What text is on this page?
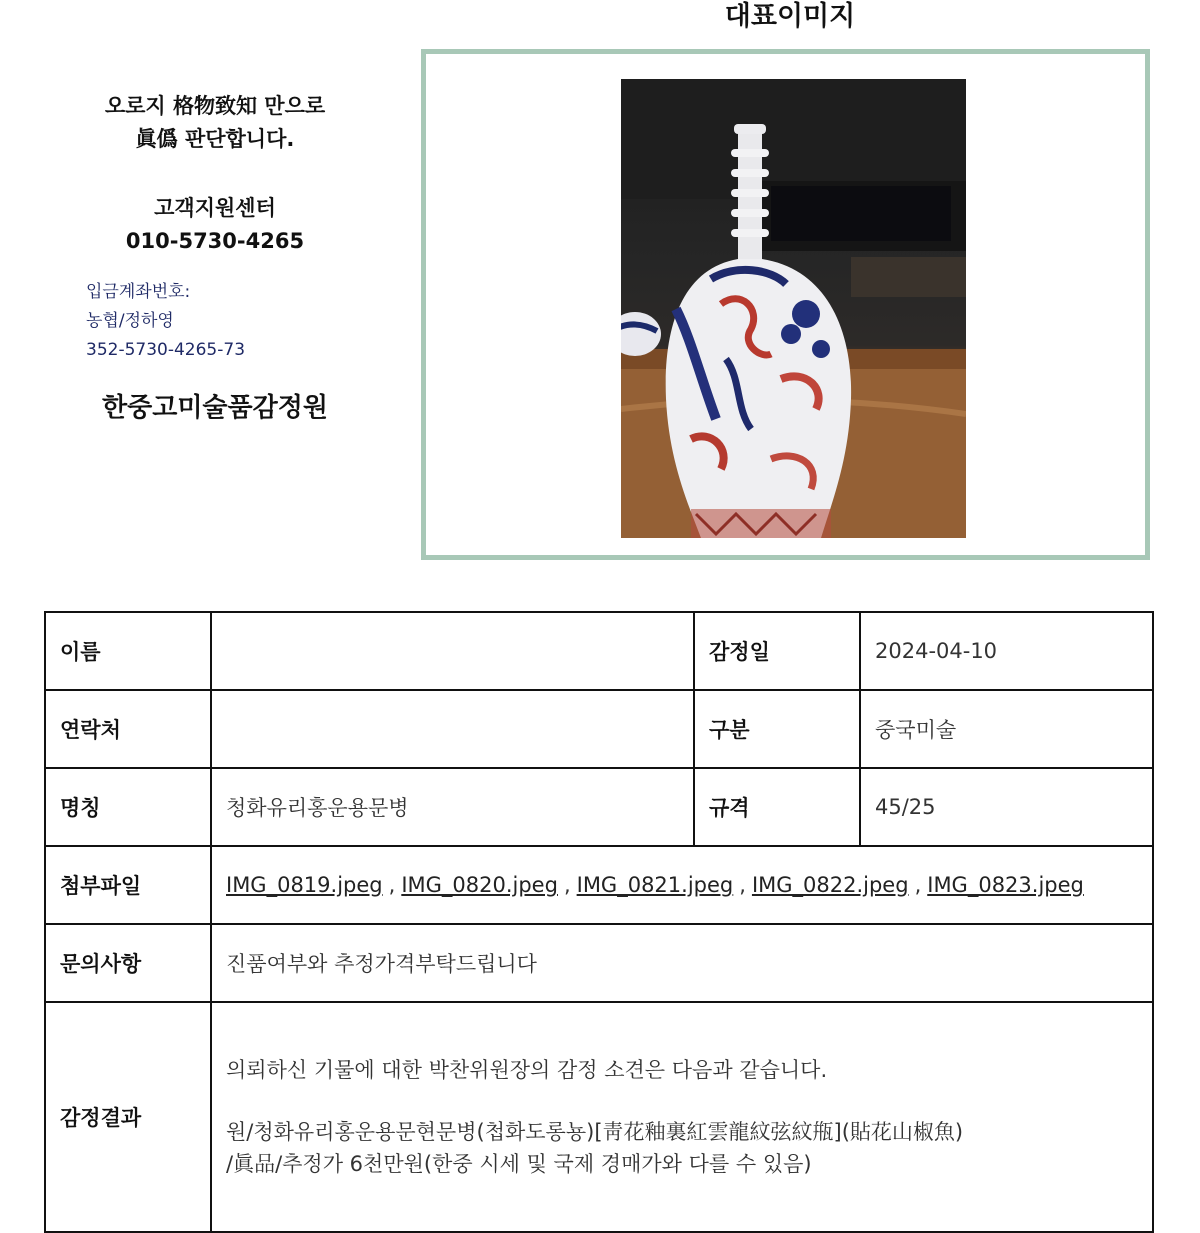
대표이미지
오로지 格物致知 만으로
眞僞 판단합니다.
고객지원센터
010-5730-4265
입금계좌번호:
농협/정하영
352-5730-4265-73
한중고미술품감정원
이름		감정일	2024-04-10
연락처		구분	중국미술
명칭	청화유리홍운용문병	규격	45/25
첨부파일	IMG_0819.jpeg , IMG_0820.jpeg , IMG_0821.jpeg , IMG_0822.jpeg , IMG_0823.jpeg		
문의사항	진품여부와 추정가격부탁드립니다		
감정결과	의뢰하신 기물에 대한 박찬위원장의 감정 소견은 다음과 같습니다.
원/청화유리홍운용문현문병(첩화도롱뇽)[靑花釉裏紅雲龍紋弦紋甁](貼花山椒魚)
/眞品/추정가 6천만원(한중 시세 및 국제 경매가와 다를 수 있음)		
